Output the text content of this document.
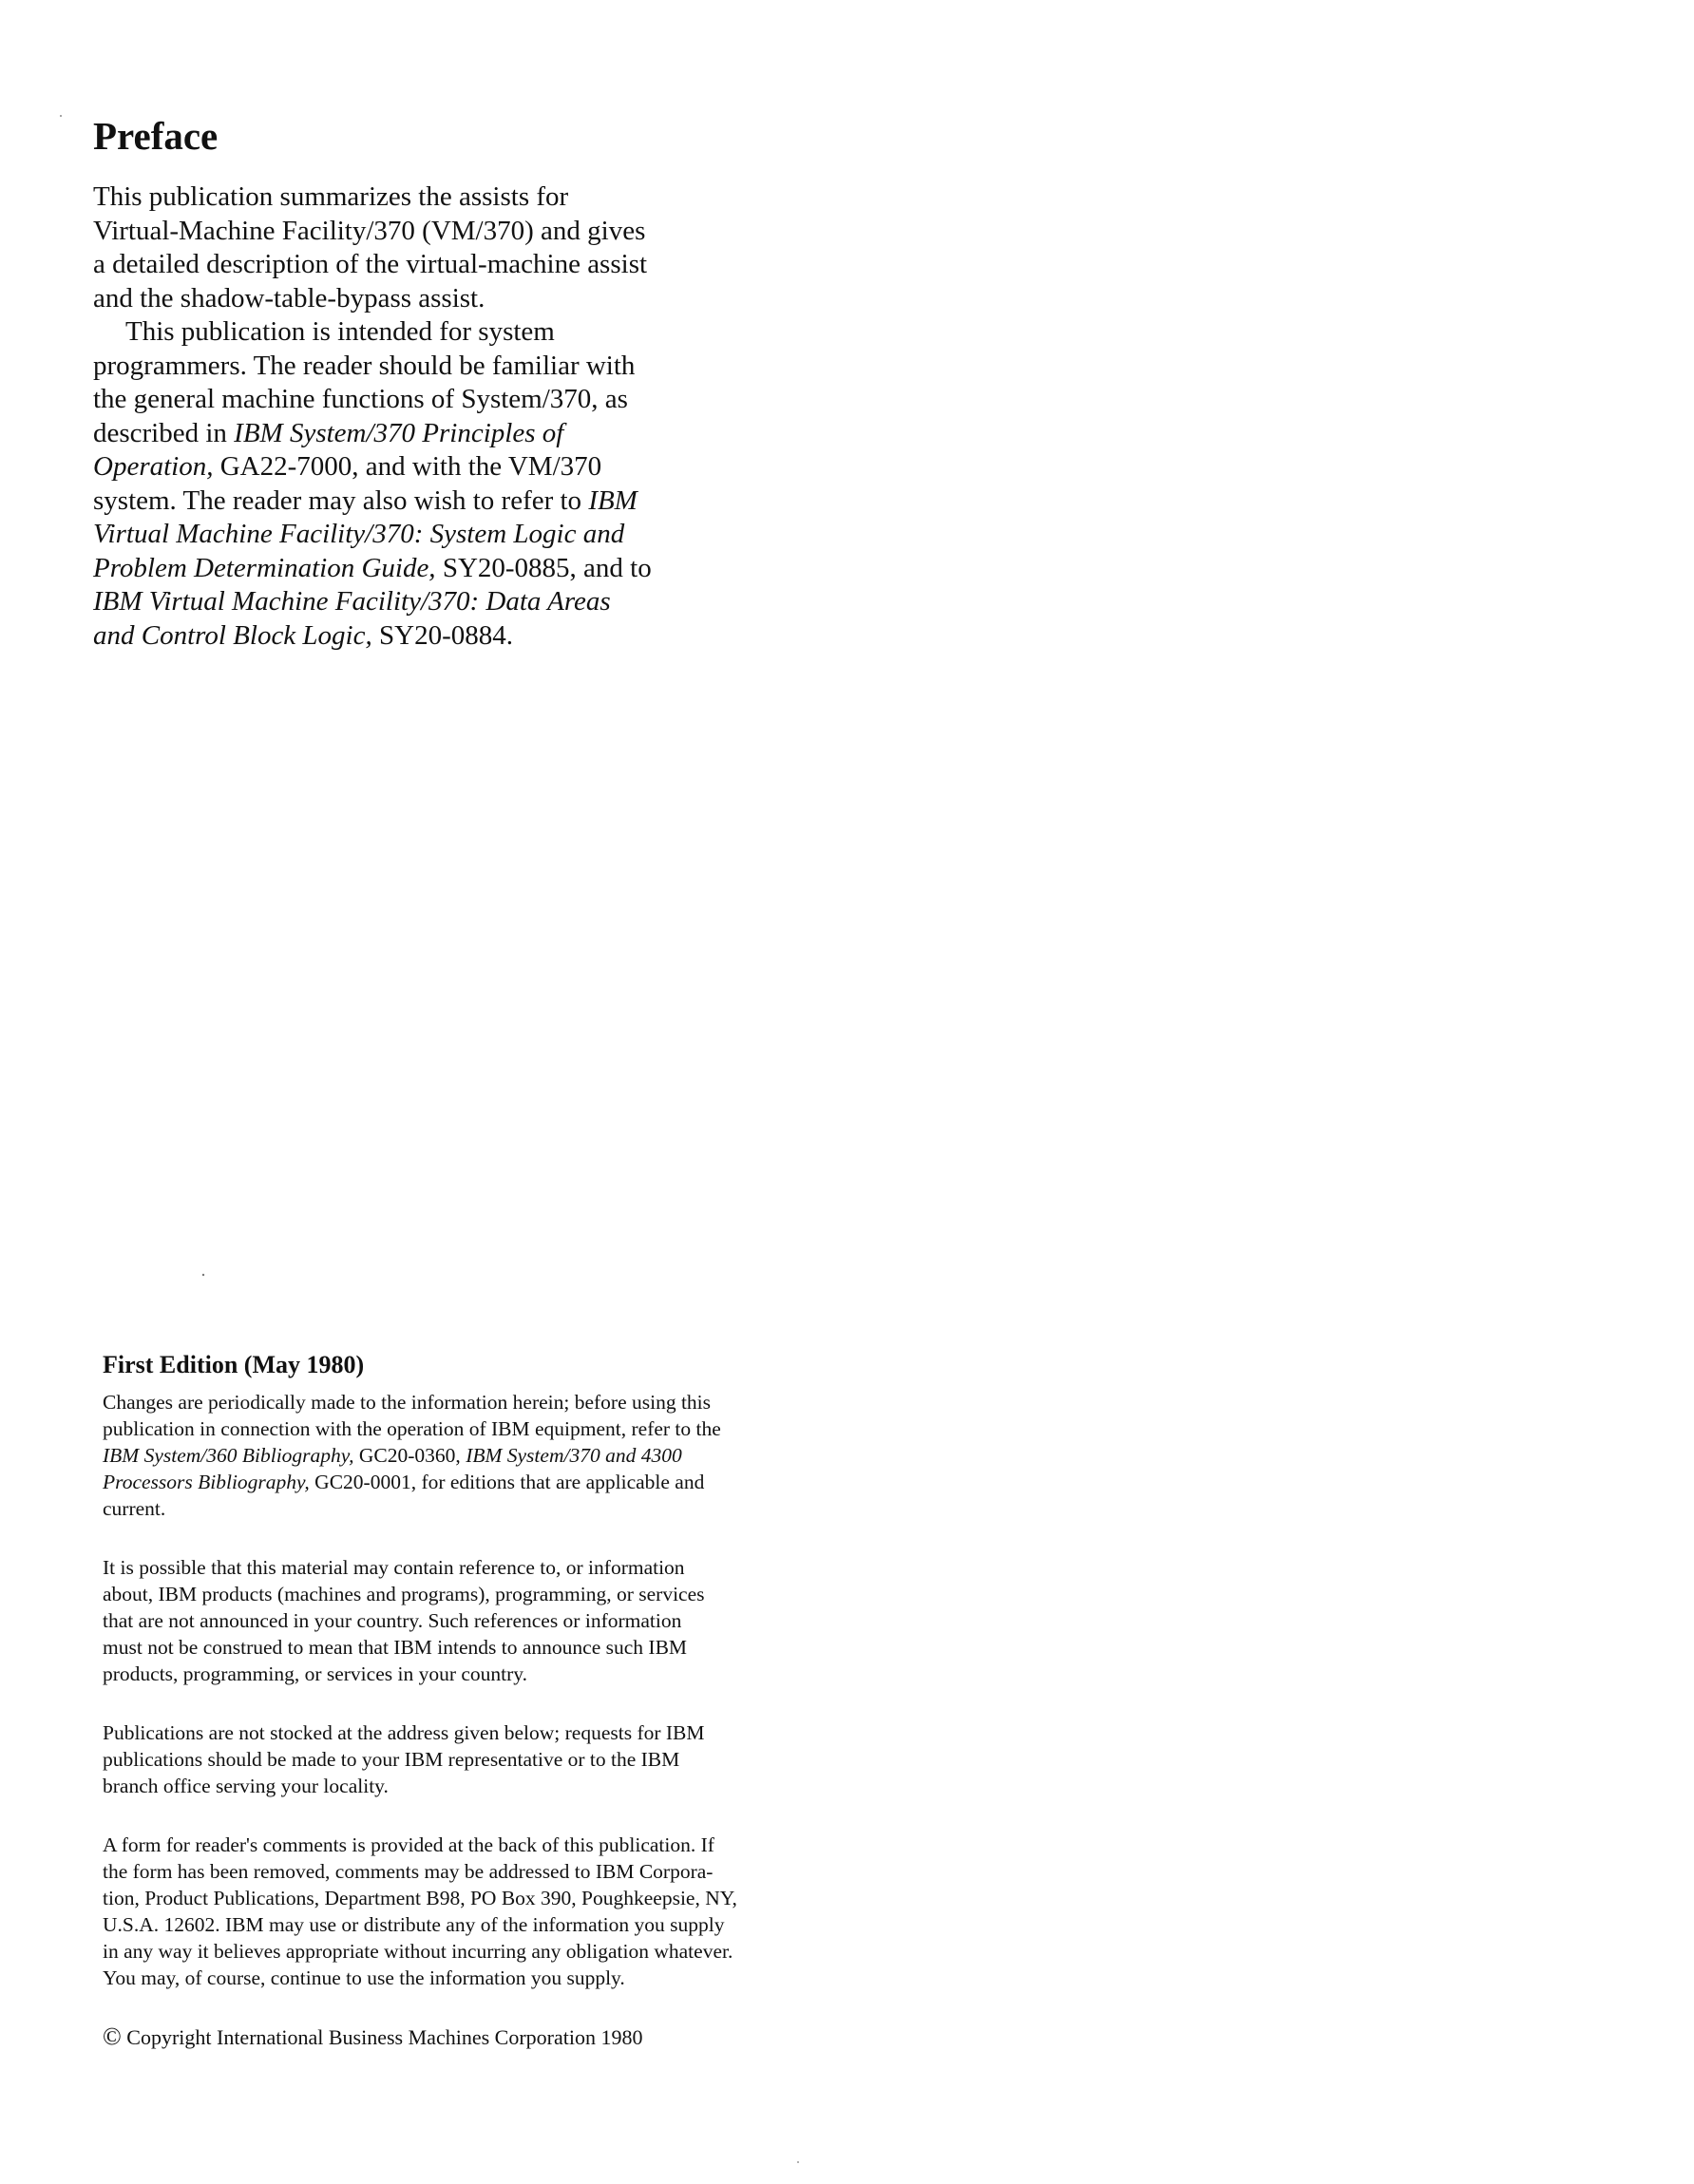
Preface
This publication summarizes the assists for
Virtual-Machine Facility/370 (VM/370) and gives
a detailed description of the virtual-machine assist
and the shadow-table-bypass assist.
This publication is intended for system
programmers. The reader should be familiar with
the general machine functions of System/370, as
described in IBM System/370 Principles of
Operation, GA22-7000, and with the VM/370
system. The reader may also wish to refer to IBM
Virtual Machine Facility/370: System Logic and
Problem Determination Guide, SY20-0885, and to
IBM Virtual Machine Facility/370: Data Areas
and Control Block Logic, SY20-0884.
First Edition (May 1980)
Changes are periodically made to the information herein; before using this
publication in connection with the operation of IBM equipment, refer to the
IBM System/360 Bibliography, GC20-0360, IBM System/370 and 4300
Processors Bibliography, GC20-0001, for editions that are applicable and
current.
It is possible that this material may contain reference to, or information
about, IBM products (machines and programs), programming, or services
that are not announced in your country. Such references or information
must not be construed to mean that IBM intends to announce such IBM
products, programming, or services in your country.
Publications are not stocked at the address given below; requests for IBM
publications should be made to your IBM representative or to the IBM
branch office serving your locality.
A form for reader's comments is provided at the back of this publication. If
the form has been removed, comments may be addressed to IBM Corpora-
tion, Product Publications, Department B98, PO Box 390, Poughkeepsie, NY,
U.S.A. 12602. IBM may use or distribute any of the information you supply
in any way it believes appropriate without incurring any obligation whatever.
You may, of course, continue to use the information you supply.

© Copyright International Business Machines Corporation 1980
